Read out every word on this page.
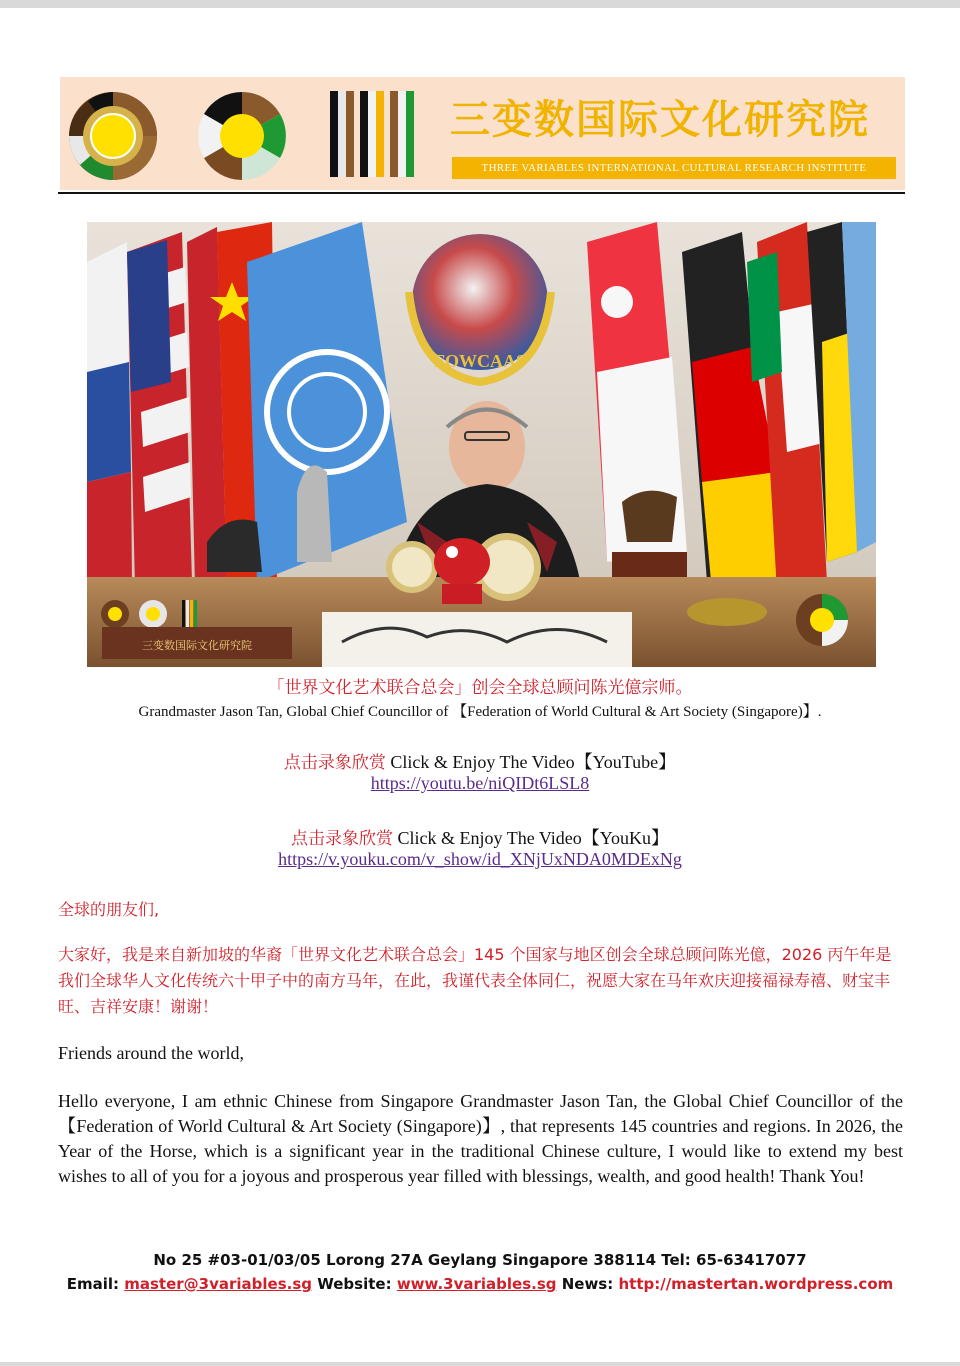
三变数国际文化研究院
THREE VARIABLES INTERNATIONAL CULTURAL RESEARCH INSTITUTE
FOWCAAS
三变数国际文化研究院
「世界文化艺术联合总会」创会全球总顾问陈光億宗师。
Grandmaster Jason Tan, Global Chief Councillor of 【Federation of World Cultural & Art Society (Singapore)】.
点击录象欣赏 Click & Enjoy The Video【YouTube】
https://youtu.be/niQIDt6LSL8
点击录象欣赏 Click & Enjoy The Video【YouKu】
https://v.youku.com/v_show/id_XNjUxNDA0MDExNg
全球的朋友们,
大家好，我是来自新加坡的华裔「世界文化艺术联合总会」145 个国家与地区创会全球总顾问陈光億，2026 丙午年是我们全球华人文化传统六十甲子中的南方马年，在此，我谨代表全体同仁，祝愿大家在马年欢庆迎接福禄寿禧、财宝丰旺、吉祥安康！谢谢！
Friends around the world,
Hello everyone, I am ethnic Chinese from Singapore Grandmaster Jason Tan, the Global Chief Councillor of the 【Federation of World Cultural & Art Society (Singapore)】, that represents 145 countries and regions. In 2026, the Year of the Horse, which is a significant year in the traditional Chinese culture, I would like to extend my best wishes to all of you for a joyous and prosperous year filled with blessings, wealth, and good health! Thank You!
No 25 #03-01/03/05 Lorong 27A Geylang Singapore 388114 Tel: 65-63417077
Email: master@3variables.sg Website: www.3variables.sg News: http://mastertan.wordpress.com
